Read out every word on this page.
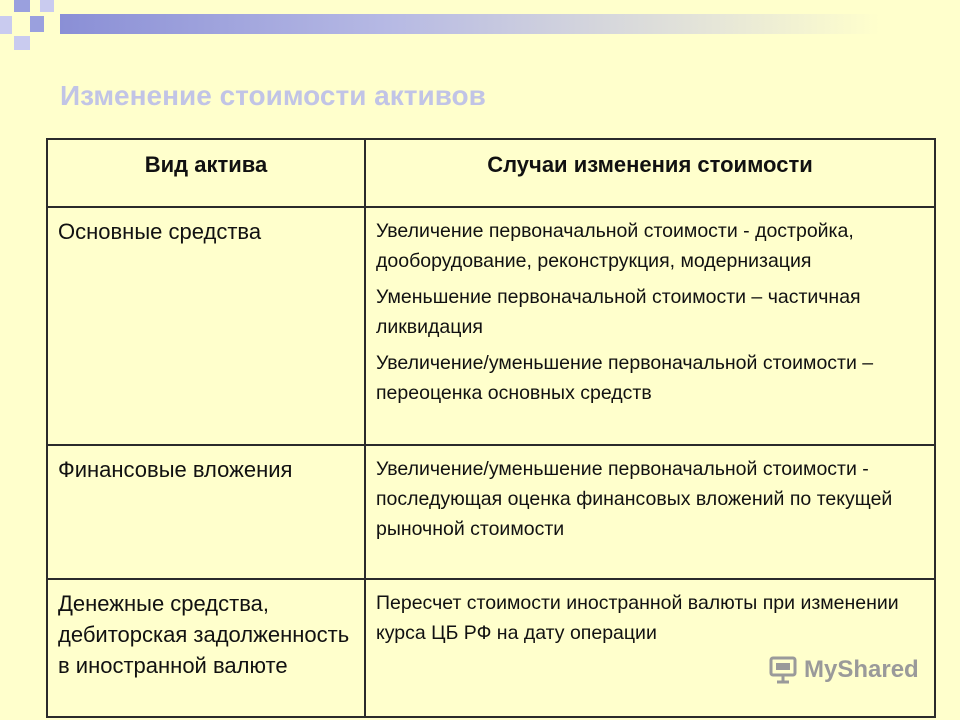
Изменение стоимости активов
Вид актива	Случаи изменения стоимости
Основные средства	Увеличение первоначальной стоимости - достройка, дооборудование, реконструкция, модернизация

Уменьшение первоначальной стоимости – частичная ликвидация

Увеличение/уменьшение первоначальной стоимости – переоценка основных средств

Финансовые вложения	Увеличение/уменьшение первоначальной стоимости - последующая оценка финансовых вложений по текущей рыночной стоимости

Денежные средства, дебиторская задолженность в иностранной валюте	Пересчет стоимости иностранной валюты при изменении курса ЦБ РФ на дату операции

MyShared
